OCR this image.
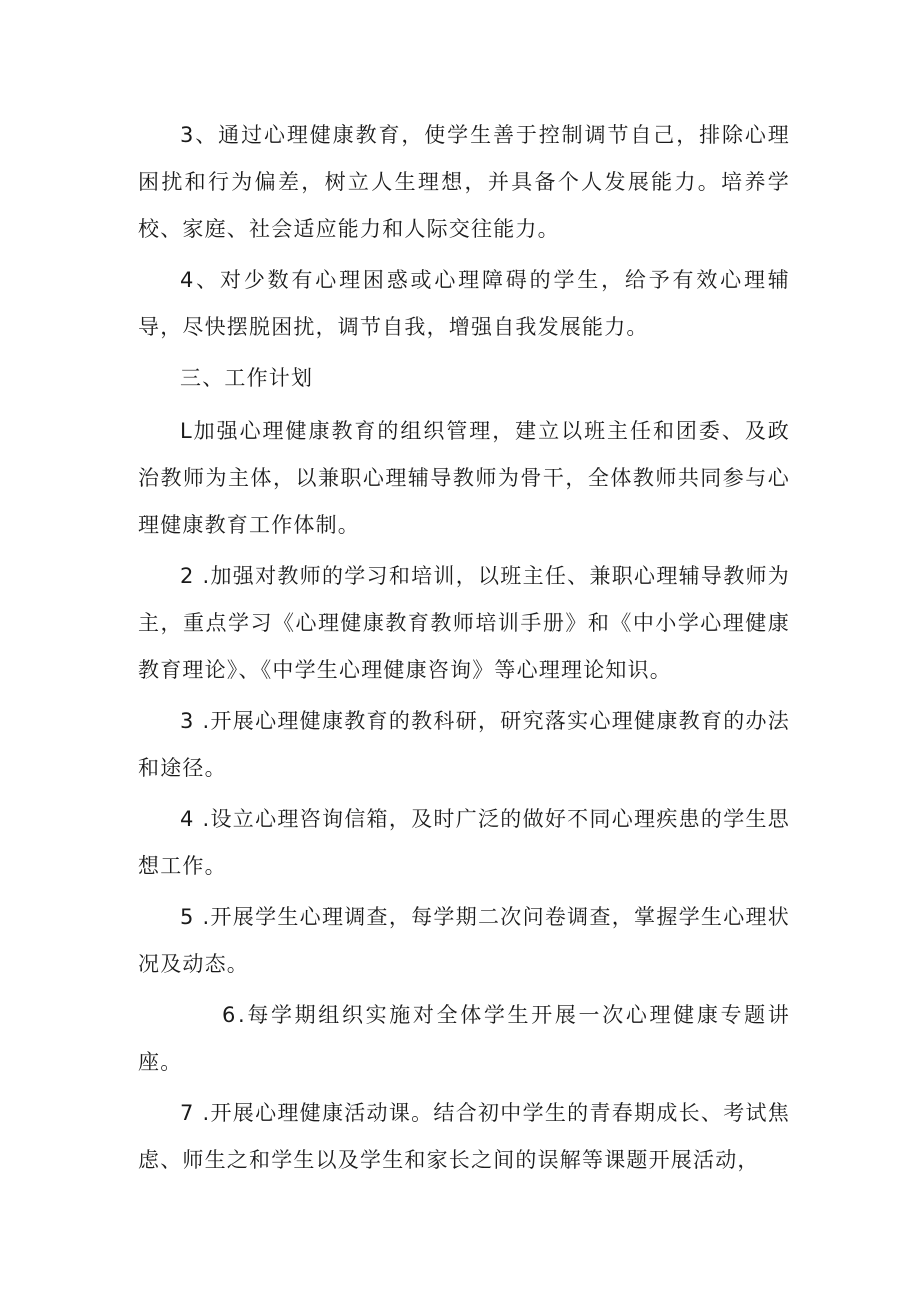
3、通过心理健康教育，使学生善于控制调节自己，排除心理困扰和行为偏差，树立人生理想，并具备个人发展能力。培养学校、家庭、社会适应能力和人际交往能力。

4、对少数有心理困惑或心理障碍的学生，给予有效心理辅导，尽快摆脱困扰，调节自我，增强自我发展能力。

三、工作计划

L加强心理健康教育的组织管理，建立以班主任和团委、及政治教师为主体，以兼职心理辅导教师为骨干，全体教师共同参与心理健康教育工作体制。

2 .加强对教师的学习和培训，以班主任、兼职心理辅导教师为主，重点学习《心理健康教育教师培训手册》和《中小学心理健康教育理论》、《中学生心理健康咨询》等心理理论知识。

3 .开展心理健康教育的教科研，研究落实心理健康教育的办法和途径。

4 .设立心理咨询信箱，及时广泛的做好不同心理疾患的学生思想工作。

5 .开展学生心理调查，每学期二次问卷调查，掌握学生心理状况及动态。

6.每学期组织实施对全体学生开展一次心理健康专题讲座。

7 .开展心理健康活动课。结合初中学生的青春期成长、考试焦虑、师生之和学生以及学生和家长之间的误解等课题开展活动，
